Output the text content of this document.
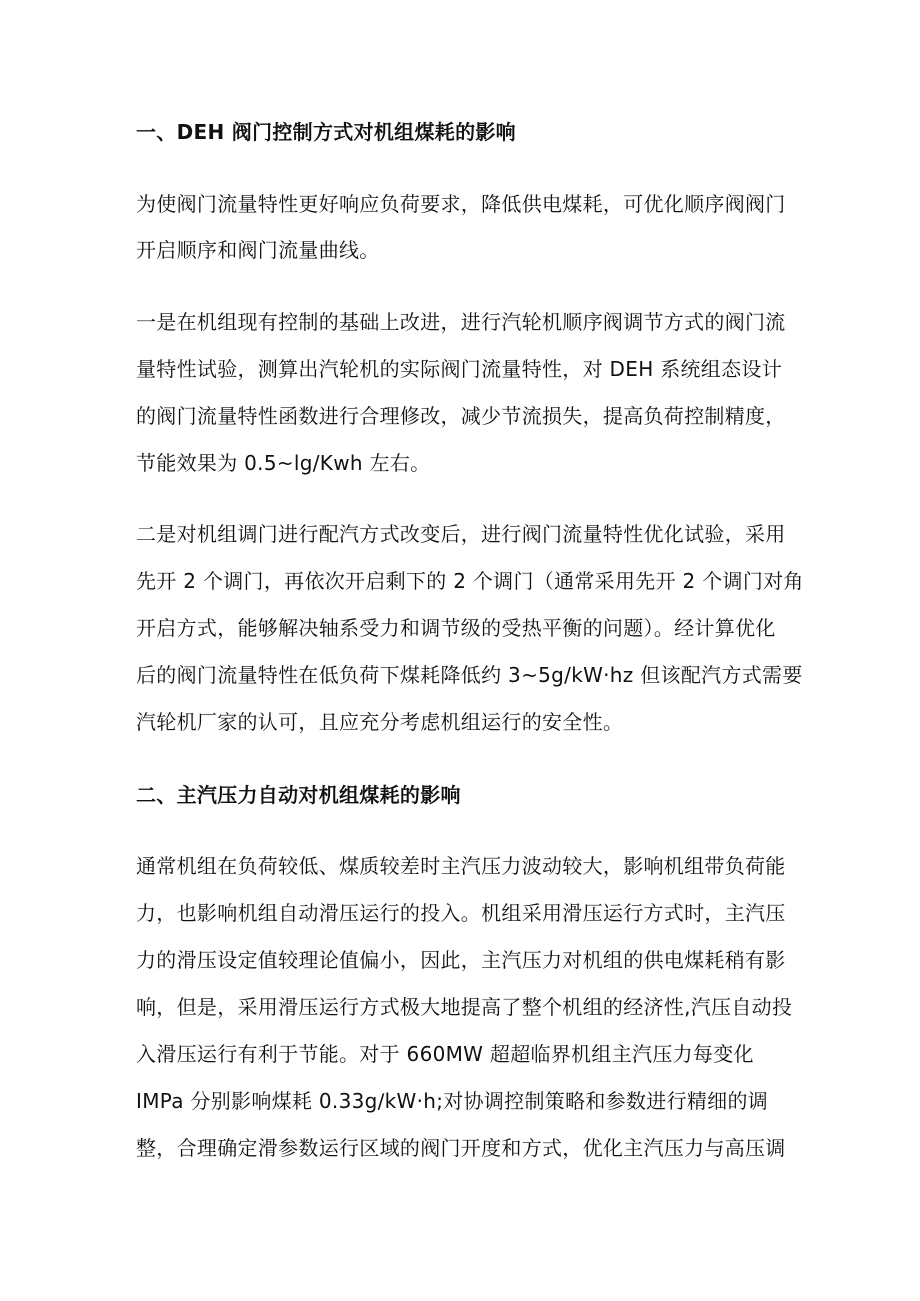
一、DEH 阀门控制方式对机组煤耗的影响

为使阀门流量特性更好响应负荷要求，降低供电煤耗，可优化顺序阀阀门

开启顺序和阀门流量曲线。

一是在机组现有控制的基础上改进，进行汽轮机顺序阀调节方式的阀门流

量特性试验，测算出汽轮机的实际阀门流量特性，对 DEH 系统组态设计

的阀门流量特性函数进行合理修改，减少节流损失，提高负荷控制精度，

节能效果为 0.5~lg/Kwh 左右。

二是对机组调门进行配汽方式改变后，进行阀门流量特性优化试验，采用

先开 2 个调门，再依次开启剩下的 2 个调门（通常采用先开 2 个调门对角

开启方式，能够解决轴系受力和调节级的受热平衡的问题）。经计算优化

后的阀门流量特性在低负荷下煤耗降低约 3~5g/kW·hz 但该配汽方式需要

汽轮机厂家的认可，且应充分考虑机组运行的安全性。

二、主汽压力自动对机组煤耗的影响

通常机组在负荷较低、煤质较差时主汽压力波动较大，影响机组带负荷能

力，也影响机组自动滑压运行的投入。机组采用滑压运行方式时，主汽压

力的滑压设定值较理论值偏小，因此，主汽压力对机组的供电煤耗稍有影

响，但是，采用滑压运行方式极大地提高了整个机组的经济性,汽压自动投

入滑压运行有利于节能。对于 660MW 超超临界机组主汽压力每变化

IMPa 分别影响煤耗 0.33g∕kW·h;对协调控制策略和参数进行精细的调

整，合理确定滑参数运行区域的阀门开度和方式，优化主汽压力与高压调
